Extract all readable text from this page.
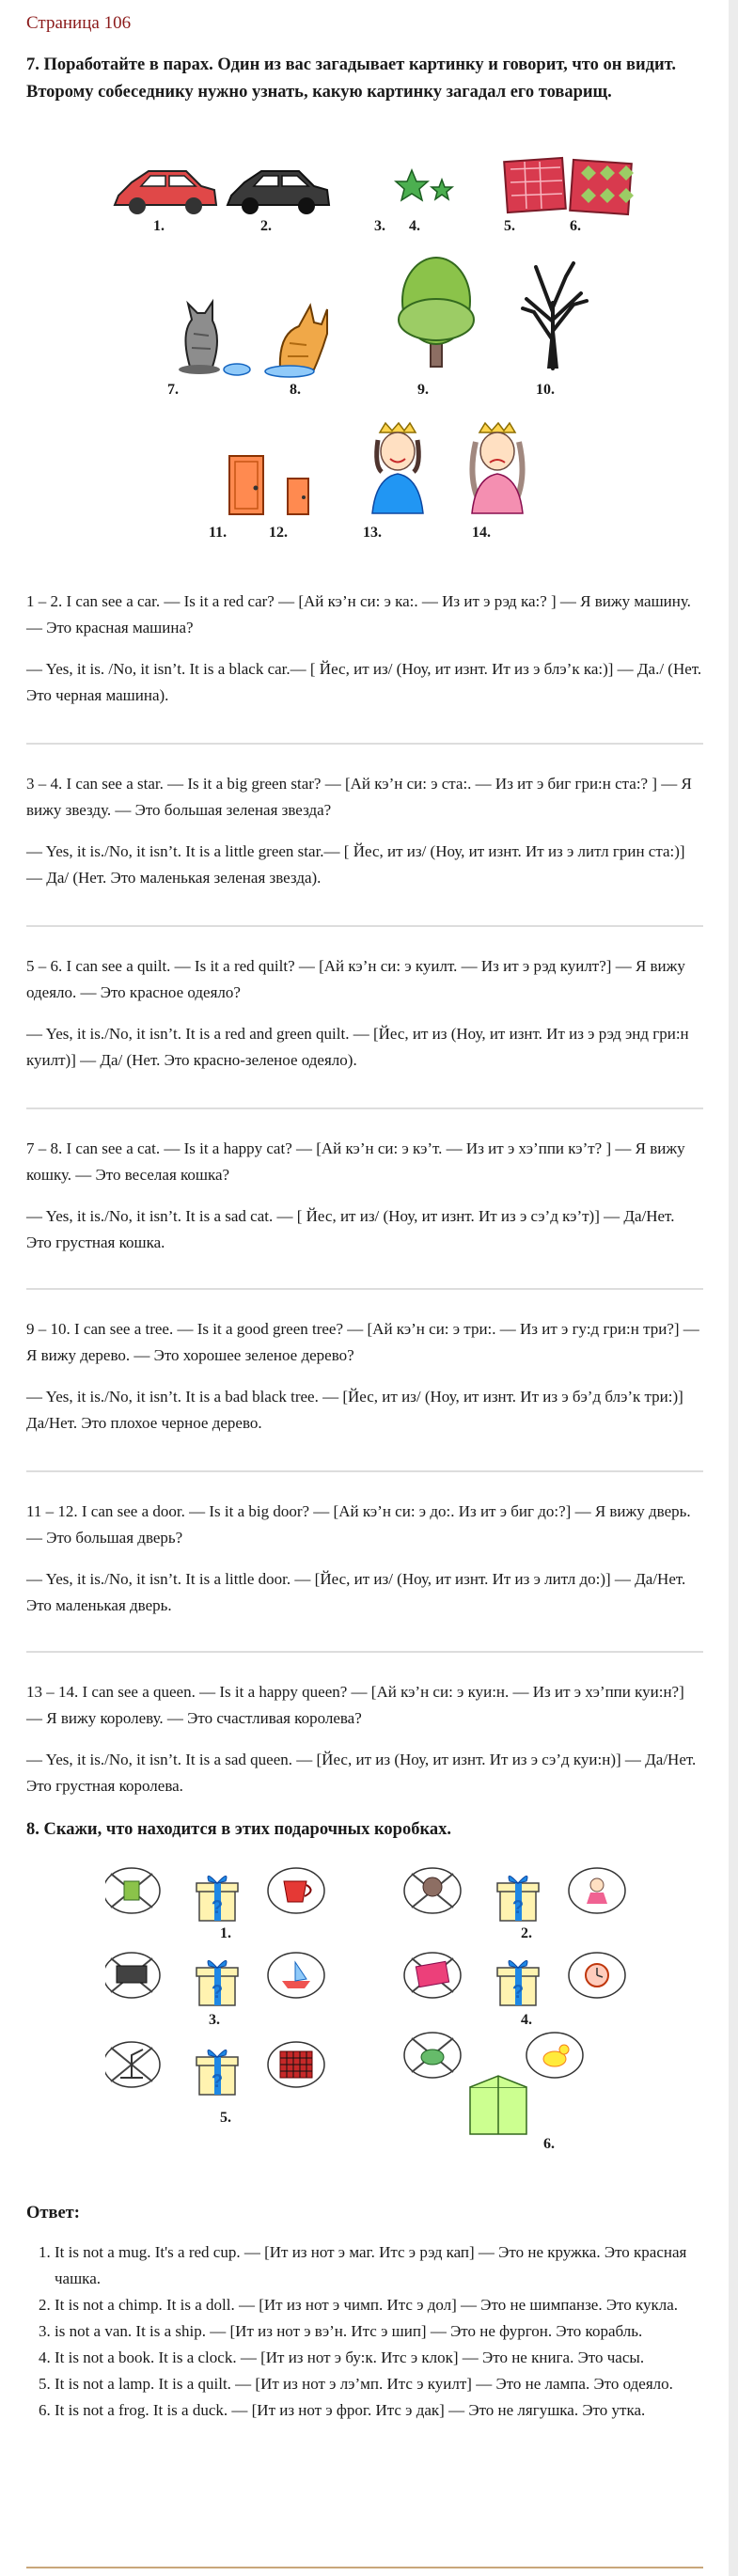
Страница 106

7. Поработайте в парах. Один из вас загадывает картинку и говорит, что он видит. Второму собеседнику нужно узнать, какую картинку загадал его товарищ.

1.	2.	3. 4.	5.	6.
7.	8.	9.	10.
11.	12.	13.	14.

1 – 2. I can see a car. — Is it a red car? — [Ай кэ’н си: э ка:. — Из ит э рэд ка:? ] — Я вижу машину. — Это красная машина?

— Yes, it is. /No, it isn’t. It is a black car.— [ Йес, ит из/ (Ноу, ит изнт. Ит из э блэ’к ка:)] — Да./ (Нет. Это черная машина).

3 – 4. I can see a star. — Is it a big green star? — [Ай кэ’н си: э ста:. — Из ит э биг гри:н ста:? ] — Я вижу звезду. — Это большая зеленая звезда?

— Yes, it is./No, it isn’t. It is a little green star.— [ Йес, ит из/ (Ноу, ит изнт. Ит из э литл грин ста:)] — Да/ (Нет. Это маленькая зеленая звезда).

5 – 6. I can see a quilt. — Is it a red quilt? — [Ай кэ’н си: э куилт. — Из ит э рэд куилт?] — Я вижу одеяло. — Это красное одеяло?

— Yes, it is./No, it isn’t. It is a red and green quilt. — [Йес, ит из (Ноу, ит изнт. Ит из э рэд энд гри:н куилт)] — Да/ (Нет. Это красно-зеленое одеяло).

7 – 8. I can see a cat. — Is it a happy cat? — [Ай кэ’н си: э кэ’т. — Из ит э хэ’ппи кэ’т? ] — Я вижу кошку. — Это веселая кошка?

— Yes, it is./No, it isn’t. It is a sad cat. — [ Йес, ит из/ (Ноу, ит изнт. Ит из э сэ’д кэ’т)] — Да/Нет. Это грустная кошка.

9 – 10. I can see a tree. — Is it a good green tree? — [Ай кэ’н си: э три:. — Из ит э гу:д гри:н три?] — Я вижу дерево. — Это хорошее зеленое дерево?

— Yes, it is./No, it isn’t. It is a bad black tree. — [Йес, ит из/ (Ноу, ит изнт. Ит из э бэ’д блэ’к три:)] Да/Нет. Это плохое черное дерево.

11 – 12. I can see a door. — Is it a big door? — [Ай кэ’н си: э до:. Из ит э биг до:?] — Я вижу дверь. — Это большая дверь?

— Yes, it is./No, it isn’t. It is a little door. — [Йес, ит из/ (Ноу, ит изнт. Ит из э литл до:)] — Да/Нет. Это маленькая дверь.

13 – 14. I can see a queen. — Is it a happy queen? — [Ай кэ’н си: э куи:н. — Из ит э хэ’ппи куи:н?] — Я вижу королеву. — Это счастливая королева?

— Yes, it is./No, it isn’t. It is a sad queen. — [Йес, ит из (Ноу, ит изнт. Ит из э сэ’д куи:н)] — Да/Нет. Это грустная королева.

8. Скажи, что находится в этих подарочных коробках.

1.	2.
3.	4.
5.
6.

Ответ:

1. It is not a mug. It's a red cup. — [Ит из нот э маг. Итс э рэд кап] — Это не кружка. Это красная чашка.
2. It is not a chimp. It is a doll. — [Ит из нот э чимп. Итс э дол] — Это не шимпанзе. Это кукла.
3. is not a van. It is a ship. — [Ит из нот э вэ’н. Итс э шип] — Это не фургон. Это корабль.
4. It is not a book. It is a clock. — [Ит из нот э бу:к. Итс э клок] — Это не книга. Это часы.
5. It is not a lamp. It is a quilt. — [Ит из нот э лэ’мп. Итс э куилт] — Это не лампа. Это одеяло.
6. It is not a frog. It is a duck. — [Ит из нот э фрог. Итс э дак] — Это не лягушка. Это утка.
